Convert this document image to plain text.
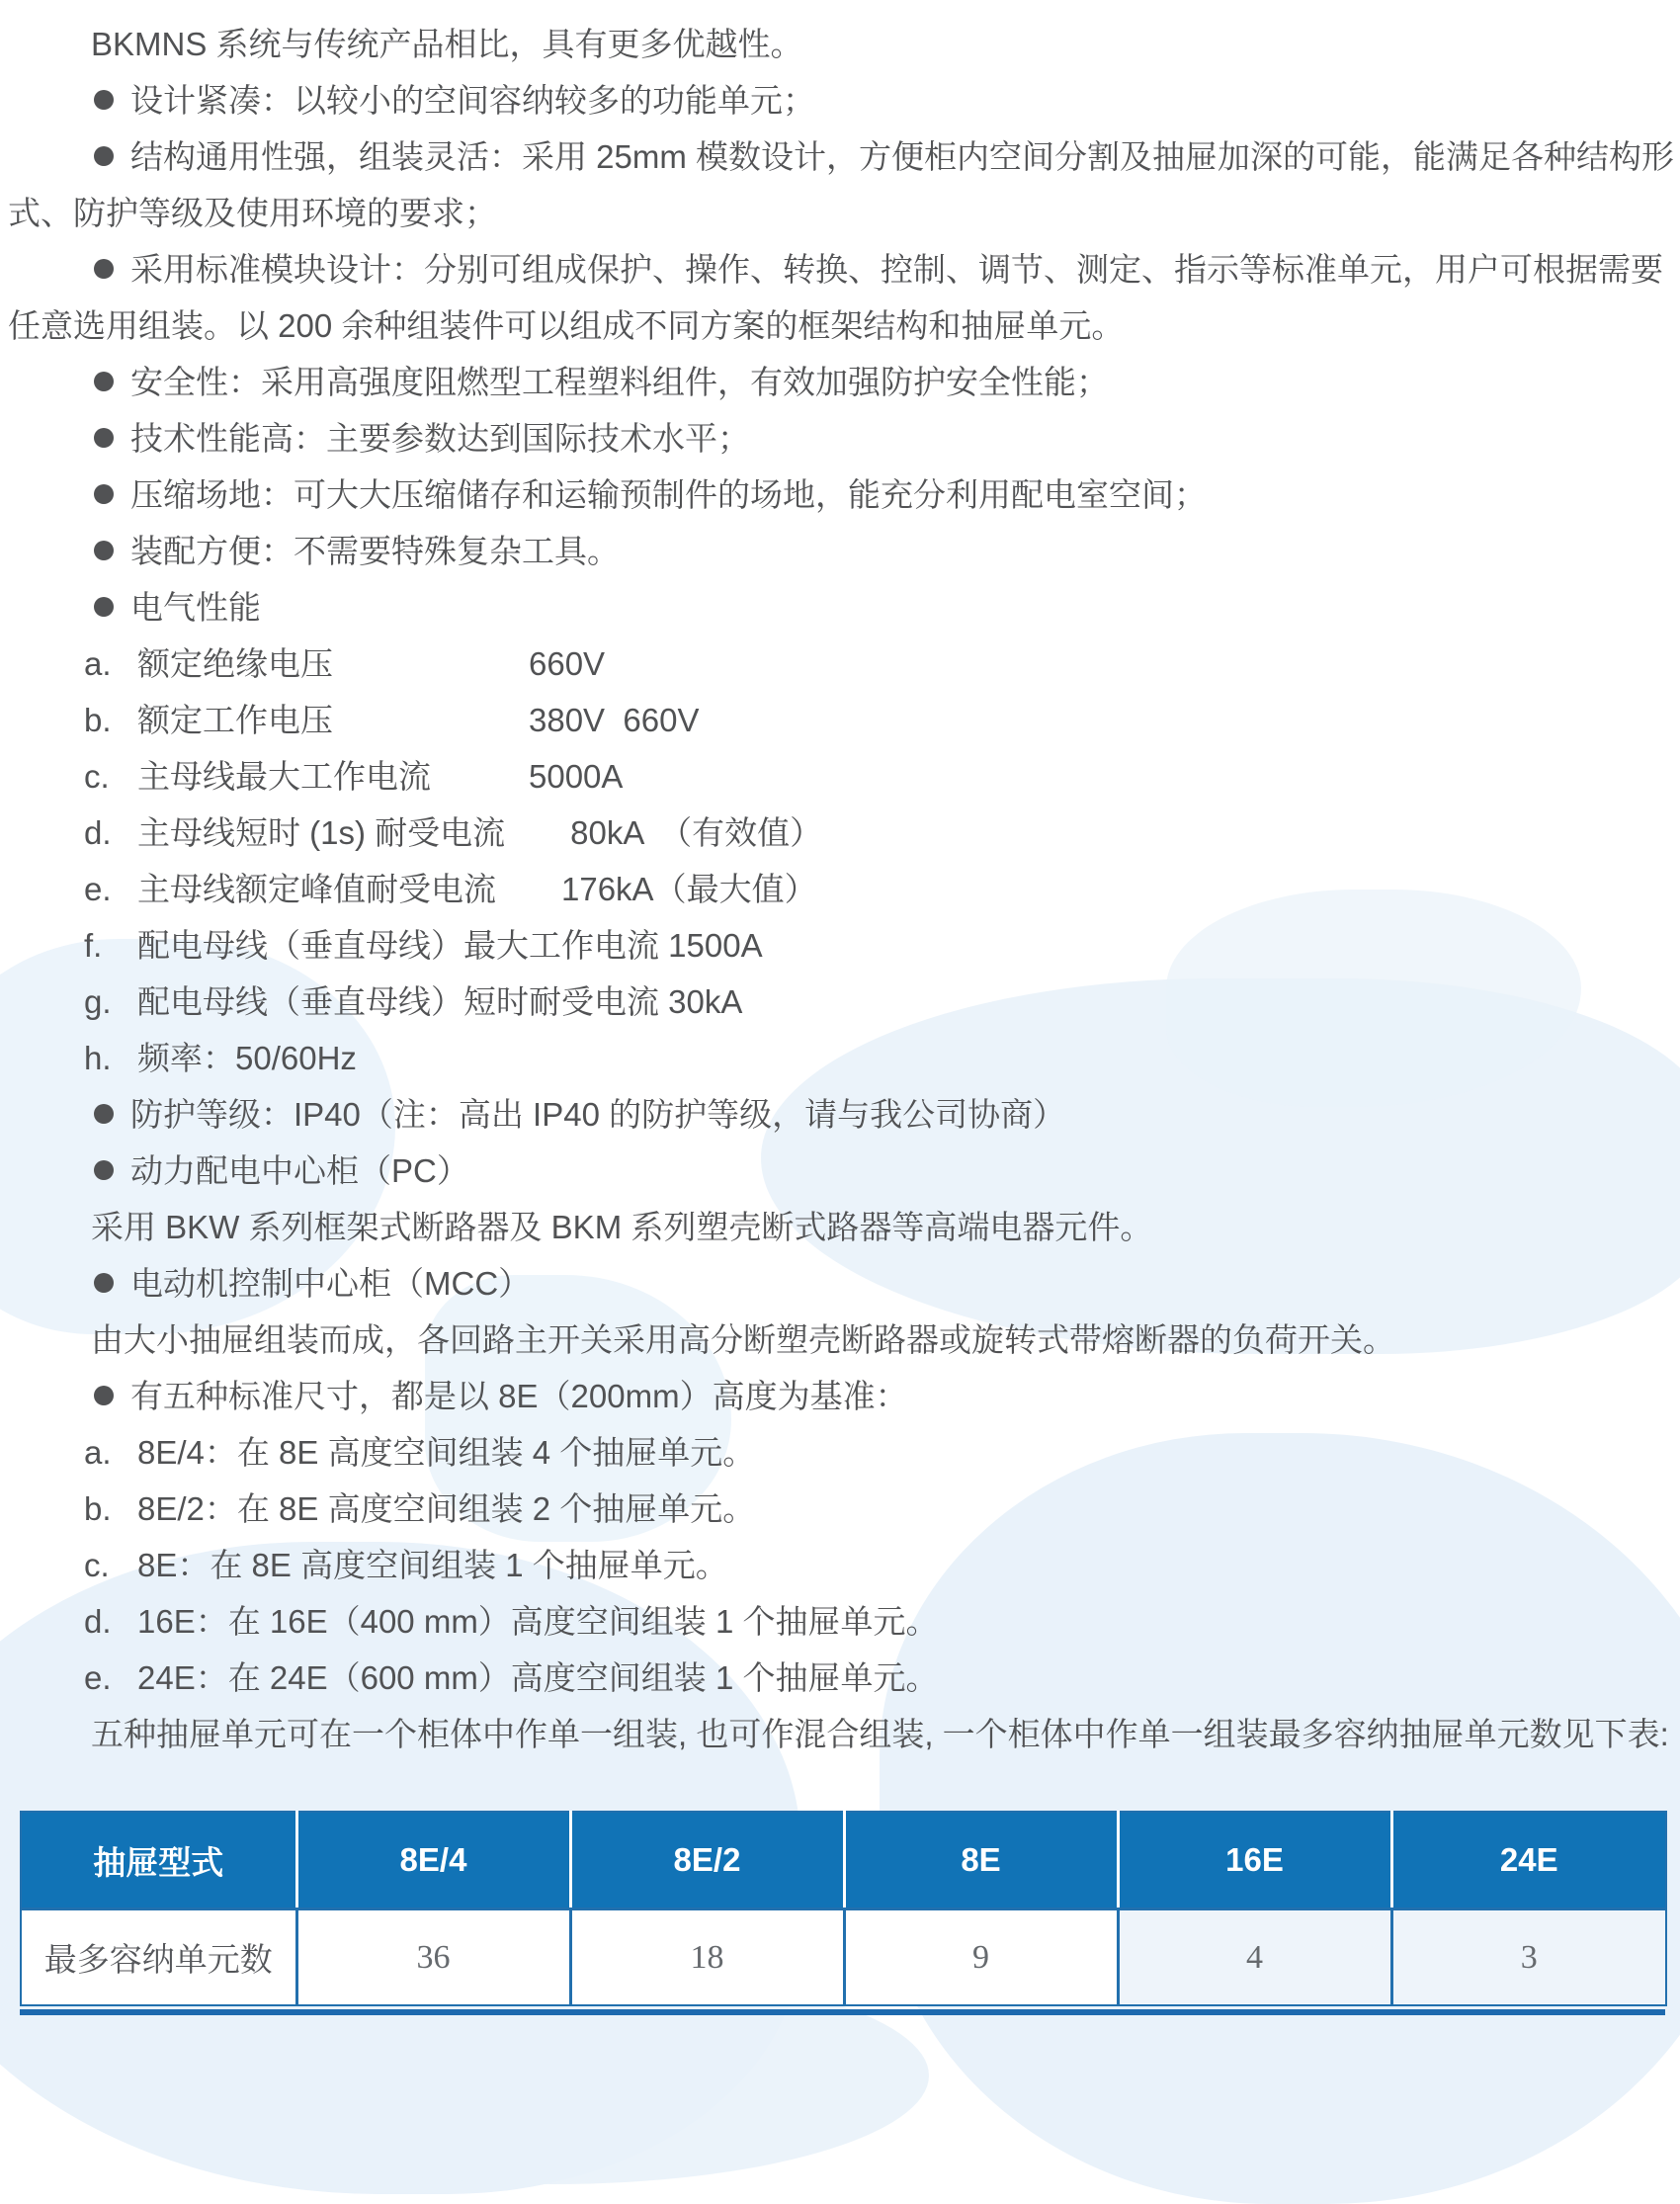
BKMNS 系统与传统产品相比，具有更多优越性。
设计紧凑：以较小的空间容纳较多的功能单元；
结构通用性强，组装灵活：采用 25mm 模数设计，方便柜内空间分割及抽屉加深的可能，能满足各种结构形
式、防护等级及使用环境的要求；
采用标准模块设计：分别可组成保护、操作、转换、控制、调节、测定、指示等标准单元，用户可根据需要
任意选用组装。以 200 余种组装件可以组成不同方案的框架结构和抽屉单元。
安全性：采用高强度阻燃型工程塑料组件，有效加强防护安全性能；
技术性能高：主要参数达到国际技术水平；
压缩场地：可大大压缩储存和运输预制件的场地，能充分利用配电室空间；
装配方便：不需要特殊复杂工具。
电气性能
a. 额定绝缘电压　　　　　　660V
b. 额定工作电压　　　　　　380V  660V
c. 主母线最大工作电流　　　5000A
d. 主母线短时 (1s) 耐受电流　　80kA　（有效值）
e. 主母线额定峰值耐受电流　　176kA（最大值）
f. 配电母线（垂直母线）最大工作电流 1500A
g. 配电母线（垂直母线）短时耐受电流 30kA
h. 频率：50/60Hz
防护等级：IP40（注：高出 IP40 的防护等级，请与我公司协商）
动力配电中心柜（PC）
采用 BKW 系列框架式断路器及 BKM 系列塑壳断式路器等高端电器元件。
电动机控制中心柜（MCC）
由大小抽屉组装而成，各回路主开关采用高分断塑壳断路器或旋转式带熔断器的负荷开关。
有五种标准尺寸，都是以 8E（200mm）高度为基准：
a. 8E/4：在 8E 高度空间组装 4 个抽屉单元。
b. 8E/2：在 8E 高度空间组装 2 个抽屉单元。
c. 8E：在 8E 高度空间组装 1 个抽屉单元。
d. 16E：在 16E（400 mm）高度空间组装 1 个抽屉单元。
e. 24E：在 24E（600 mm）高度空间组装 1 个抽屉单元。
五种抽屉单元可在一个柜体中作单一组装, 也可作混合组装, 一个柜体中作单一组装最多容纳抽屉单元数见下表:
抽屉型式	8E/4	8E/2	8E	16E	24E
最多容纳单元数	36	18	9	4	3
